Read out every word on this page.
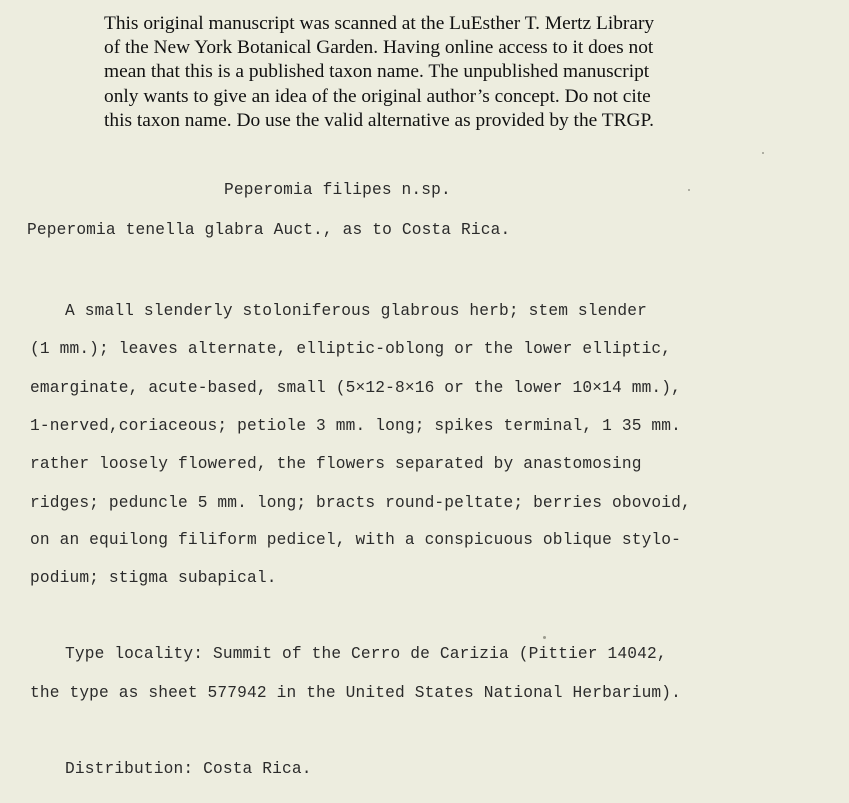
This original manuscript was scanned at the LuEsther T. Mertz Library
of the New York Botanical Garden. Having online access to it does not
mean that this is a published taxon name. The unpublished manuscript
only wants to give an idea of the original author’s concept. Do not cite
this taxon name. Do use the valid alternative as provided by the TRGP.
Peperomia filipes n.sp.
Peperomia tenella glabra Auct., as to Costa Rica.
A small slenderly stoloniferous glabrous herb; stem slender
(1 mm.); leaves alternate, elliptic-oblong or the lower elliptic,
emarginate, acute-based, small (5×12-8×16 or the lower 10×14 mm.),
1-nerved,coriaceous; petiole 3 mm. long; spikes terminal, 1 35 mm.
rather loosely flowered, the flowers separated by anastomosing
ridges; peduncle 5 mm. long; bracts round-peltate; berries obovoid,
on an equilong filiform pedicel, with a conspicuous oblique stylo-
podium; stigma subapical.
Type locality: Summit of the Cerro de Carizia (Pittier 14042,
the type as sheet 577942 in the United States National Herbarium).
Distribution: Costa Rica.
